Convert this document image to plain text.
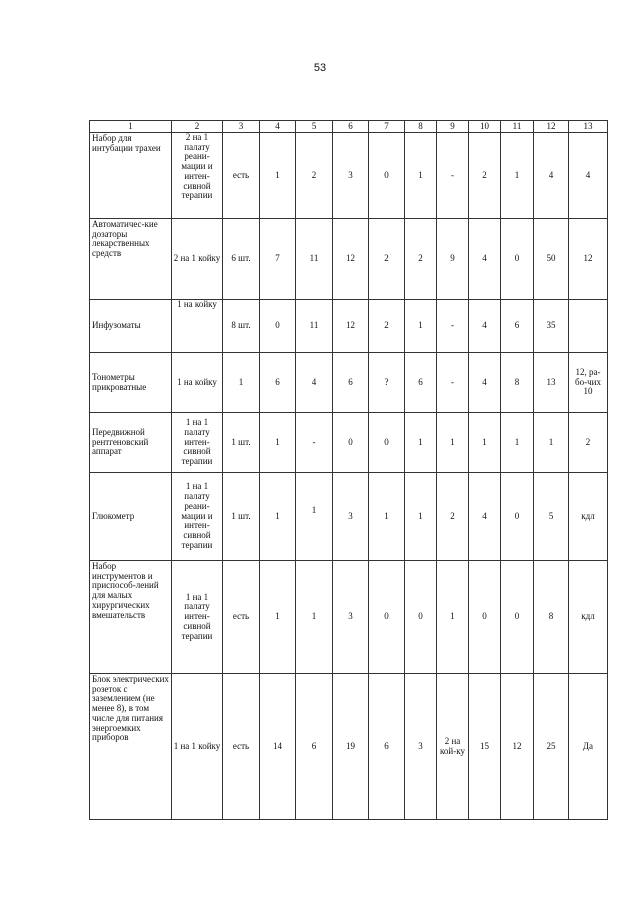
53
1	2	3	4	5	6	7	8	9	10	11	12	13
Набор для интубации трахеи	2 на 1 палату реани-мации и интен-сивной терапии	есть	1	2	3	0	1	-	2	1	4	4
Автоматичес-кие дозаторы лекарственных средств	2 на 1 койку	6 шт.	7	11	12	2	2	9	4	0	50	12
Инфузоматы	1 на койку	8 шт.	0	11	12	2	1	-	4	6	35	
Тонометры прикроватные	1 на койку	1	6	4	6	?	6	-	4	8	13	12, ра-бо-чих 10
Передвижной рентгеновский аппарат	1 на 1 палату интен-сивной терапии	1 шт.	1	-	0	0	1	1	1	1	1	2
Глюкометр	1 на 1 палату реани-мации и интен-сивной терапии	1 шт.	1	1	3	1	1	2	4	0	5	кдл
Набор инструментов и приспособ-лений для малых хирургических вмешательств	1 на 1 палату интен-сивной терапии	есть	1	1	3	0	0	1	0	0	8	кдл
Блок электрических розеток с заземлением (не менее 8), в том числе для питания энергоемких приборов	1 на 1 койку	есть	14	6	19	6	3	2 на кой-ку	15	12	25	Да
